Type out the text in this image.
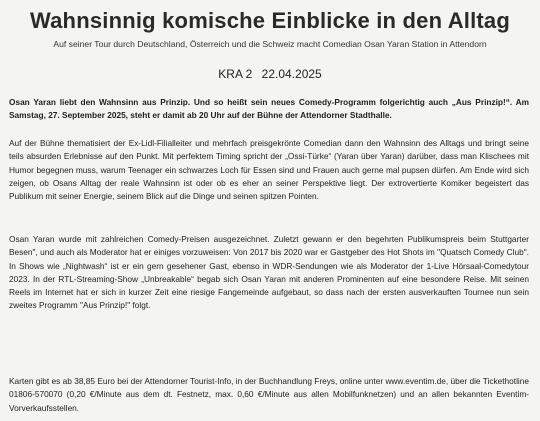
Wahnsinnig komische Einblicke in den Alltag
Auf seiner Tour durch Deutschland, Österreich und die Schweiz macht Comedian Osan Yaran Station in Attendorn
KRA 2 22.04.2025
Osan Yaran liebt den Wahnsinn aus Prinzip. Und so heißt sein neues Comedy-Programm folgerichtig auch „Aus Prinzip!“. Am Samstag, 27. September 2025, steht er damit ab 20 Uhr auf der Bühne der Attendorner Stadthalle.
Auf der Bühne thematisiert der Ex-Lidl-Filialleiter und mehrfach preisgekrönte Comedian dann den Wahnsinn des Alltags und bringt seine teils absurden Erlebnisse auf den Punkt. Mit perfektem Timing spricht der „Ossi-Türke“ (Yaran über Yaran) darüber, dass man Klischees mit Humor begegnen muss, warum Teenager ein schwarzes Loch für Essen sind und Frauen auch gerne mal pupsen dürfen. Am Ende wird sich zeigen, ob Osans Alltag der reale Wahnsinn ist oder ob es eher an seiner Perspektive liegt. Der extrovertierte Komiker begeistert das Publikum mit seiner Energie, seinem Blick auf die Dinge und seinen spitzen Pointen.
Osan Yaran wurde mit zahlreichen Comedy-Preisen ausgezeichnet. Zuletzt gewann er den begehrten Publikumspreis beim Stuttgarter Besen", und auch als Moderator hat er einiges vorzuweisen: Von 2017 bis 2020 war er Gastgeber des Hot Shots im "Quatsch Comedy Club". In Shows wie „Nightwash“ ist er ein gern gesehener Gast, ebenso in WDR-Sendungen wie als Moderator der 1-Live Hörsaal-Comedytour 2023. In der RTL-Streaming-Show „Unbreakable“ begab sich Osan Yaran mit anderen Prominenten auf eine besondere Reise. Mit seinen Reels im Internet hat er sich in kurzer Zeit eine riesige Fangemeinde aufgebaut, so dass nach der ersten ausverkauften Tournee nun sein zweites Programm "Aus Prinzip!" folgt.
Karten gibt es ab 38,85 Euro bei der Attendorner Tourist-Info, in der Buchhandlung Freys, online unter www.eventim.de, über die Tickethotline 01806-570070 (0,20 €/Minute aus dem dt. Festnetz, max. 0,60 €/Minute aus allen Mobilfunknetzen) und an allen bekannten Eventim-Vorverkaufsstellen.
